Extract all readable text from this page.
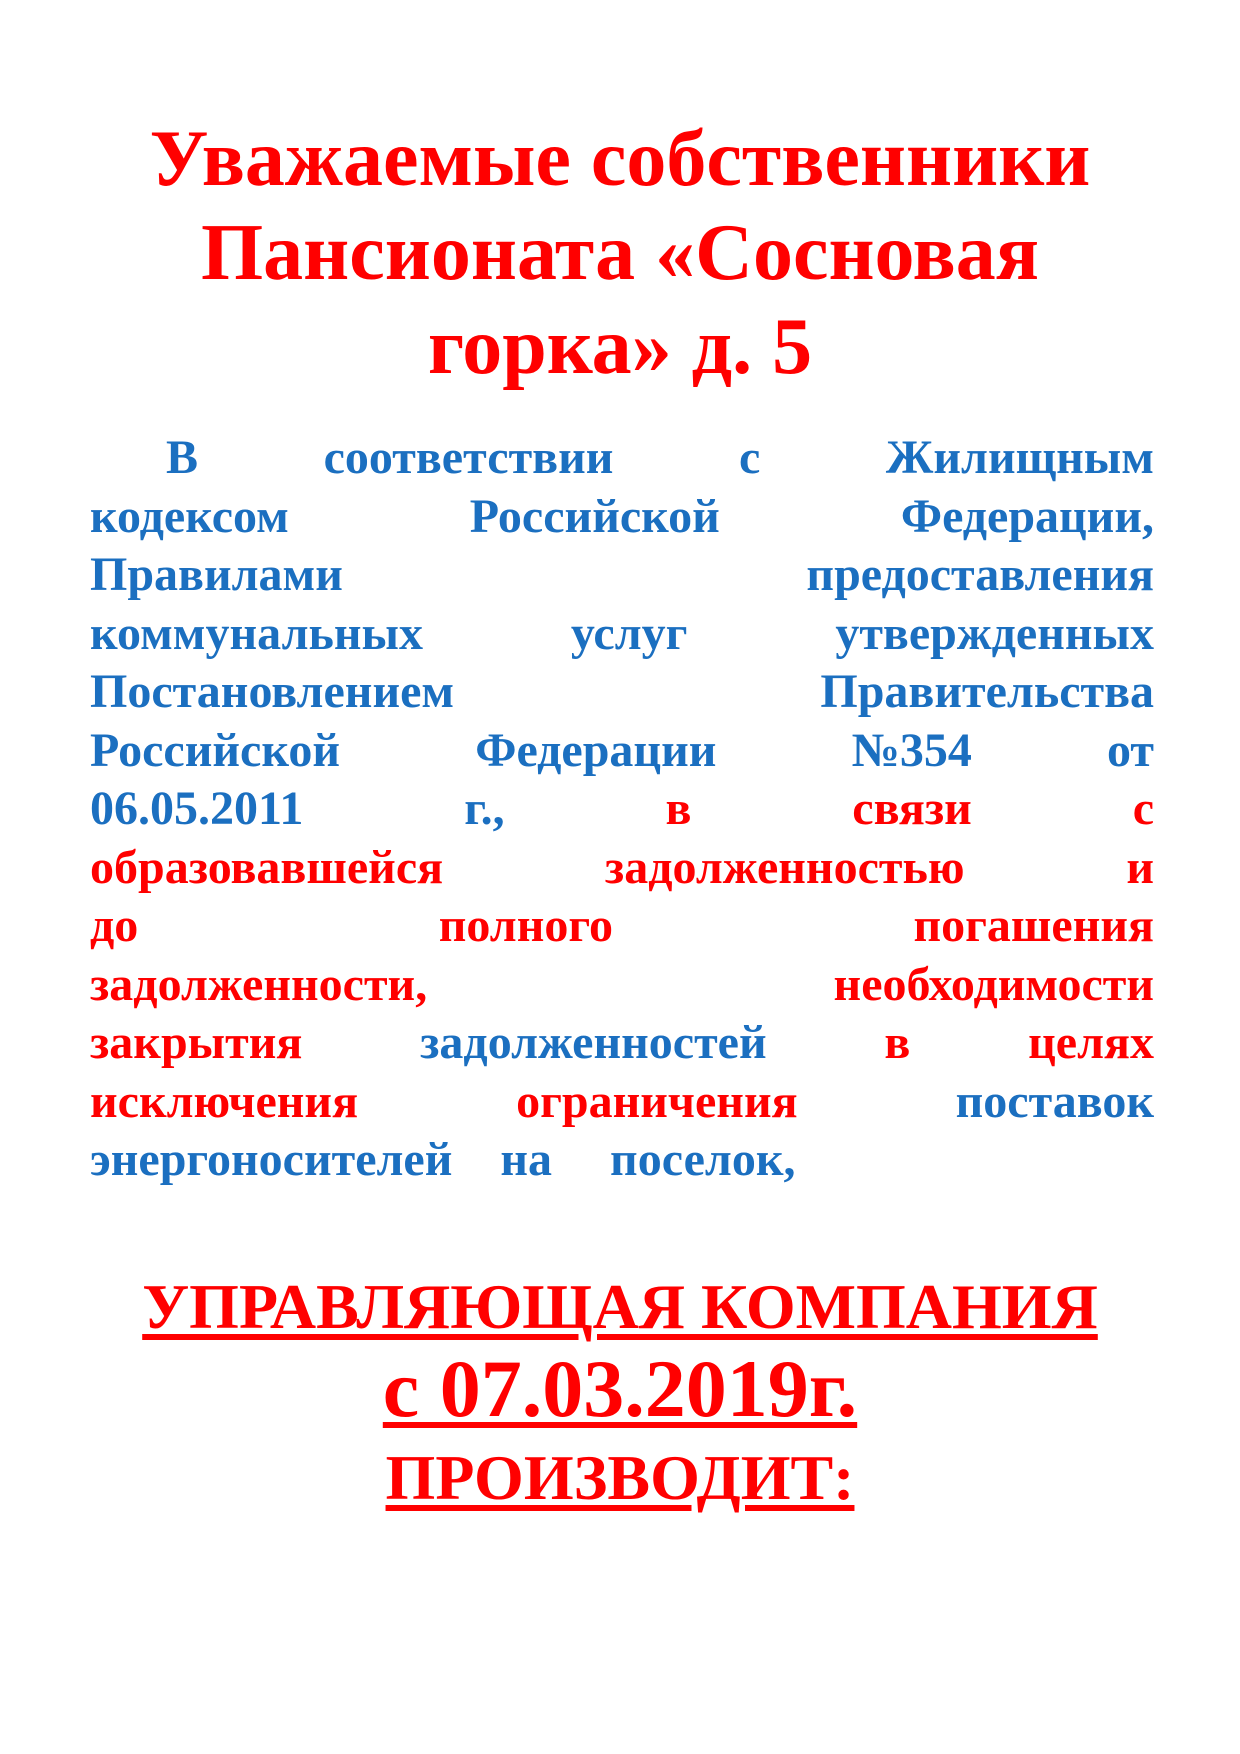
Уважаемые собственники
Пансионата «Сосновая
горка» д. 5
В	соответствии	с	Жилищным
кодексом	Российской	Федерации,
Правилами	предоставления
коммунальных	услуг	утвержденных
Постановлением	Правительства
Российской	Федерации	№354	от
06.05.2011	г.,	в	связи	с
образовавшейся	задолженностью	и
до	полного	погашения
задолженности,	необходимости
закрытия задолженностей в целях
исключения	ограничения	поставок
энергоносителей на поселок,
УПРАВЛЯЮЩАЯ КОМПАНИЯ
с 07.03.2019г.
ПРОИЗВОДИТ:
